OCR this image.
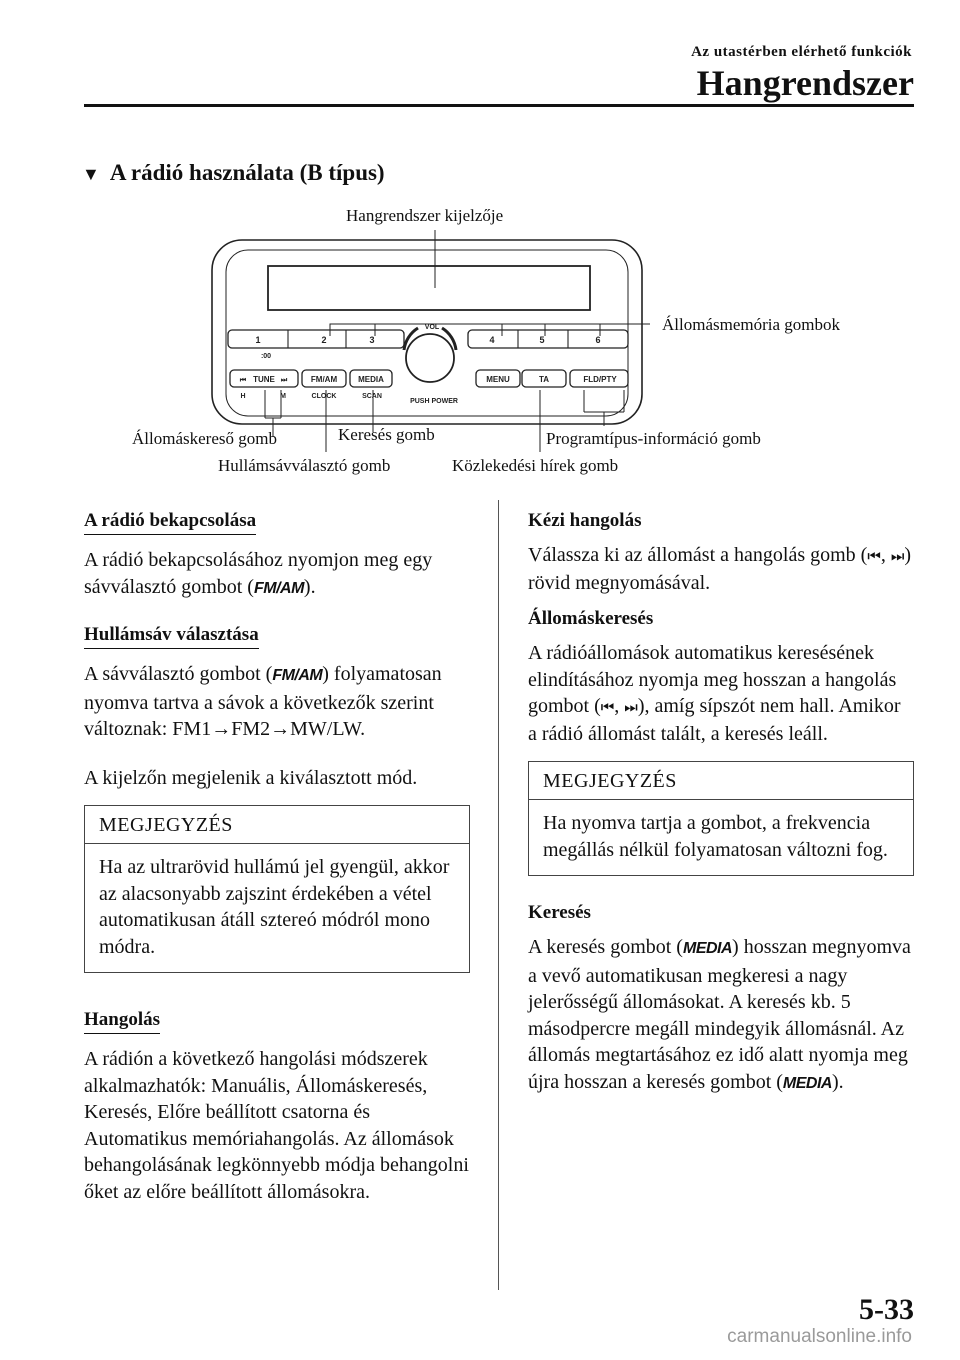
Az utastérben elérhető funkciók
Hangrendszer
▼ A rádió használata (B típus)
1	2	3	4	5	6
:00
VOL
TUNE
⏮	⏭	FM/AM	MEDIA	MENU	TA	FLD/PTY
H	M	CLOCK	SCAN
PUSH POWER
Hangrendszer kijelzője
Állomásmemória gombok
Állomáskereső gomb	Keresés gomb
Hullámsávválasztó gomb	Közlekedési hírek gomb
Programtípus-információ gomb
A rádió bekapcsolása

A rádió bekapcsolásához nyomjon meg egy sávválasztó gombot (FM/AM).

Hullámsáv választása

A sávválasztó gombot (FM/AM) folyamatosan nyomva tartva a sávok a következők szerint változnak: FM1→FM2→MW/LW.

A kijelzőn megjelenik a kiválasztott mód.

MEGJEGYZÉS
Ha az ultrarövid hullámú jel gyengül, akkor az alacsonyabb zajszint érdekében a vétel automatikusan átáll sztereó módról mono módra.
Hangolás

A rádión a következő hangolási módszerek alkalmazhatók: Manuális, Állomáskeresés, Keresés, Előre beállított csatorna és Automatikus memóriahangolás. Az állomások behangolásának legkönnyebb módja behangolni őket az előre beállított állomásokra.

Kézi hangolás

Válassza ki az állomást a hangolás gomb (⏮, ⏭) rövid megnyomásával.

Állomáskeresés

A rádióállomások automatikus keresésének elindításához nyomja meg hosszan a hangolás gombot (⏮, ⏭), amíg sípszót nem hall. Amikor a rádió állomást talált, a keresés leáll.

MEGJEGYZÉS
Ha nyomva tartja a gombot, a frekvencia megállás nélkül folyamatosan változni fog.
Keresés

A keresés gombot (MEDIA) hosszan megnyomva a vevő automatikusan megkeresi a nagy jelerősségű állomásokat. A keresés kb. 5 másodpercre megáll mindegyik állomásnál. Az állomás megtartásához ez idő alatt nyomja meg újra hosszan a keresés gombot (MEDIA).

5-33
carmanualsonline.info
